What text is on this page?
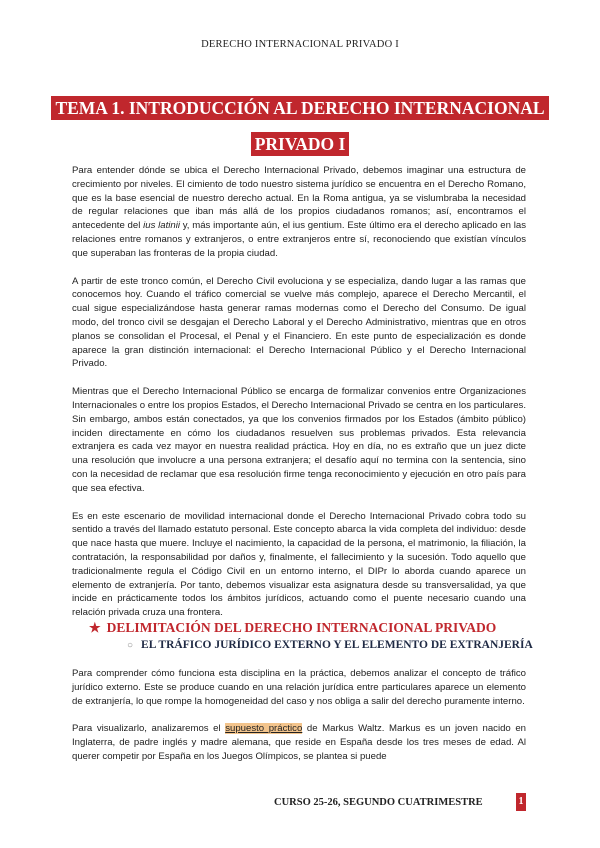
DERECHO INTERNACIONAL PRIVADO I
TEMA 1. INTRODUCCIÓN AL DERECHO INTERNACIONAL
PRIVADO I

Para entender dónde se ubica el Derecho Internacional Privado, debemos imaginar una estructura de crecimiento por niveles. El cimiento de todo nuestro sistema jurídico se encuentra en el Derecho Romano, que es la base esencial de nuestro derecho actual. En la Roma antigua, ya se vislumbraba la necesidad de regular relaciones que iban más allá de los propios ciudadanos romanos; así, encontramos el antecedente del ius latinii y, más importante aún, el ius gentium. Este último era el derecho aplicado en las relaciones entre romanos y extranjeros, o entre extranjeros entre sí, reconociendo que existían vínculos que superaban las fronteras de la propia ciudad.

A partir de este tronco común, el Derecho Civil evoluciona y se especializa, dando lugar a las ramas que conocemos hoy. Cuando el tráfico comercial se vuelve más complejo, aparece el Derecho Mercantil, el cual sigue especializándose hasta generar ramas modernas como el Derecho del Consumo. De igual modo, del tronco civil se desgajan el Derecho Laboral y el Derecho Administrativo, mientras que en otros planos se consolidan el Procesal, el Penal y el Financiero. En este punto de especialización es donde aparece la gran distinción internacional: el Derecho Internacional Público y el Derecho Internacional Privado.

Mientras que el Derecho Internacional Público se encarga de formalizar convenios entre Organizaciones Internacionales o entre los propios Estados, el Derecho Internacional Privado se centra en los particulares. Sin embargo, ambos están conectados, ya que los convenios firmados por los Estados (ámbito público) inciden directamente en cómo los ciudadanos resuelven sus problemas privados. Esta relevancia extranjera es cada vez mayor en nuestra realidad práctica. Hoy en día, no es extraño que un juez dicte una resolución que involucre a una persona extranjera; el desafío aquí no termina con la sentencia, sino con la necesidad de reclamar que esa resolución firme tenga reconocimiento y ejecución en otro país para que sea efectiva.

Es en este escenario de movilidad internacional donde el Derecho Internacional Privado cobra todo su sentido a través del llamado estatuto personal. Este concepto abarca la vida completa del individuo: desde que nace hasta que muere. Incluye el nacimiento, la capacidad de la persona, el matrimonio, la filiación, la contratación, la responsabilidad por daños y, finalmente, el fallecimiento y la sucesión. Todo aquello que tradicionalmente regula el Código Civil en un entorno interno, el DIPr lo aborda cuando aparece un elemento de extranjería. Por tanto, debemos visualizar esta asignatura desde su transversalidad, ya que incide en prácticamente todos los ámbitos jurídicos, actuando como el puente necesario cuando una relación privada cruza una frontera.

★ DELIMITACIÓN DEL DERECHO INTERNACIONAL PRIVADO
○ EL TRÁFICO JURÍDICO EXTERNO Y EL ELEMENTO DE EXTRANJERÍA

Para comprender cómo funciona esta disciplina en la práctica, debemos analizar el concepto de tráfico jurídico externo. Este se produce cuando en una relación jurídica entre particulares aparece un elemento de extranjería, lo que rompe la homogeneidad del caso y nos obliga a salir del derecho puramente interno.

Para visualizarlo, analizaremos el supuesto práctico de Markus Waltz. Markus es un joven nacido en Inglaterra, de padre inglés y madre alemana, que reside en España desde los tres meses de edad. Al querer competir por España en los Juegos Olímpicos, se plantea si puede

CURSO 25-26, SEGUNDO CUATRIMESTRE	1
